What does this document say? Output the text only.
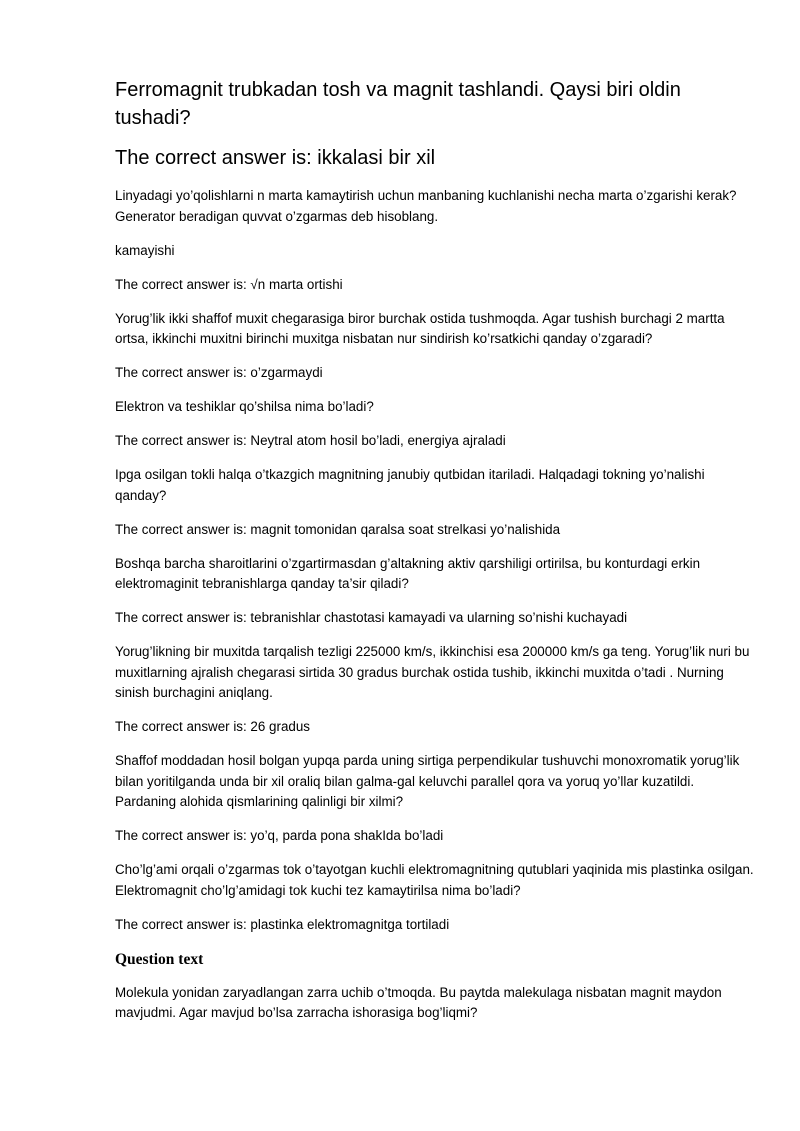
Ferromagnit trubkadan tosh va magnit tashlandi. Qaysi biri oldin tushadi?
The correct answer is: ikkalasi bir xil

Linyadagi yo’qolishlarni n marta kamaytirish uchun manbaning kuchlanishi necha marta o’zgarishi kerak? Generator beradigan quvvat o’zgarmas deb hisoblang.

kamayishi

The correct answer is: √n marta ortishi

Yorug’lik ikki shaffof muxit chegarasiga biror burchak ostida tushmoqda. Agar tushish burchagi 2 martta ortsa, ikkinchi muxitni birinchi muxitga nisbatan nur sindirish ko’rsatkichi qanday o’zgaradi?

The correct answer is: o’zgarmaydi

Elektron va teshiklar qo’shilsa nima bo’ladi?

The correct answer is: Neytral atom hosil bo’ladi, energiya ajraladi

Ipga osilgan tokli halqa o’tkazgich magnitning janubiy qutbidan itariladi. Halqadagi tokning yo’nalishi qanday?

The correct answer is: magnit tomonidan qaralsa soat strelkasi yo’nalishida

Boshqa barcha sharoitlarini o’zgartirmasdan g’altakning aktiv qarshiligi ortirilsa, bu konturdagi erkin elektromaginit tebranishlarga qanday ta’sir qiladi?

The correct answer is: tebranishlar chastotasi kamayadi va ularning so’nishi kuchayadi

Yorug’likning bir muxitda tarqalish tezligi 225000 km/s, ikkinchisi esa 200000 km/s ga teng. Yorug’lik nuri bu muxitlarning ajralish chegarasi sirtida 30 gradus burchak ostida tushib, ikkinchi muxitda o’tadi . Nurning sinish burchagini aniqlang.

The correct answer is: 26 gradus

Shaffof moddadan hosil bolgan yupqa parda uning sirtiga perpendikular tushuvchi monoxromatik yorug’lik bilan yoritilganda unda bir xil oraliq bilan galma-gal keluvchi parallel qora va yoruq yo’llar kuzatildi. Pardaning alohida qismlarining qalinligi bir xilmi?

The correct answer is: yo’q, parda pona shakIda bo’ladi

Cho’lg’ami orqali o’zgarmas tok o’tayotgan kuchli elektromagnitning qutublari yaqinida mis plastinka osilgan. Elektromagnit cho’lg’amidagi tok kuchi tez kamaytirilsa nima bo’ladi?

The correct answer is: plastinka elektromagnitga tortiladi

Question text

Molekula yonidan zaryadlangan zarra uchib o’tmoqda. Bu paytda malekulaga nisbatan magnit maydon mavjudmi. Agar mavjud bo’lsa zarracha ishorasiga bog’liqmi?
